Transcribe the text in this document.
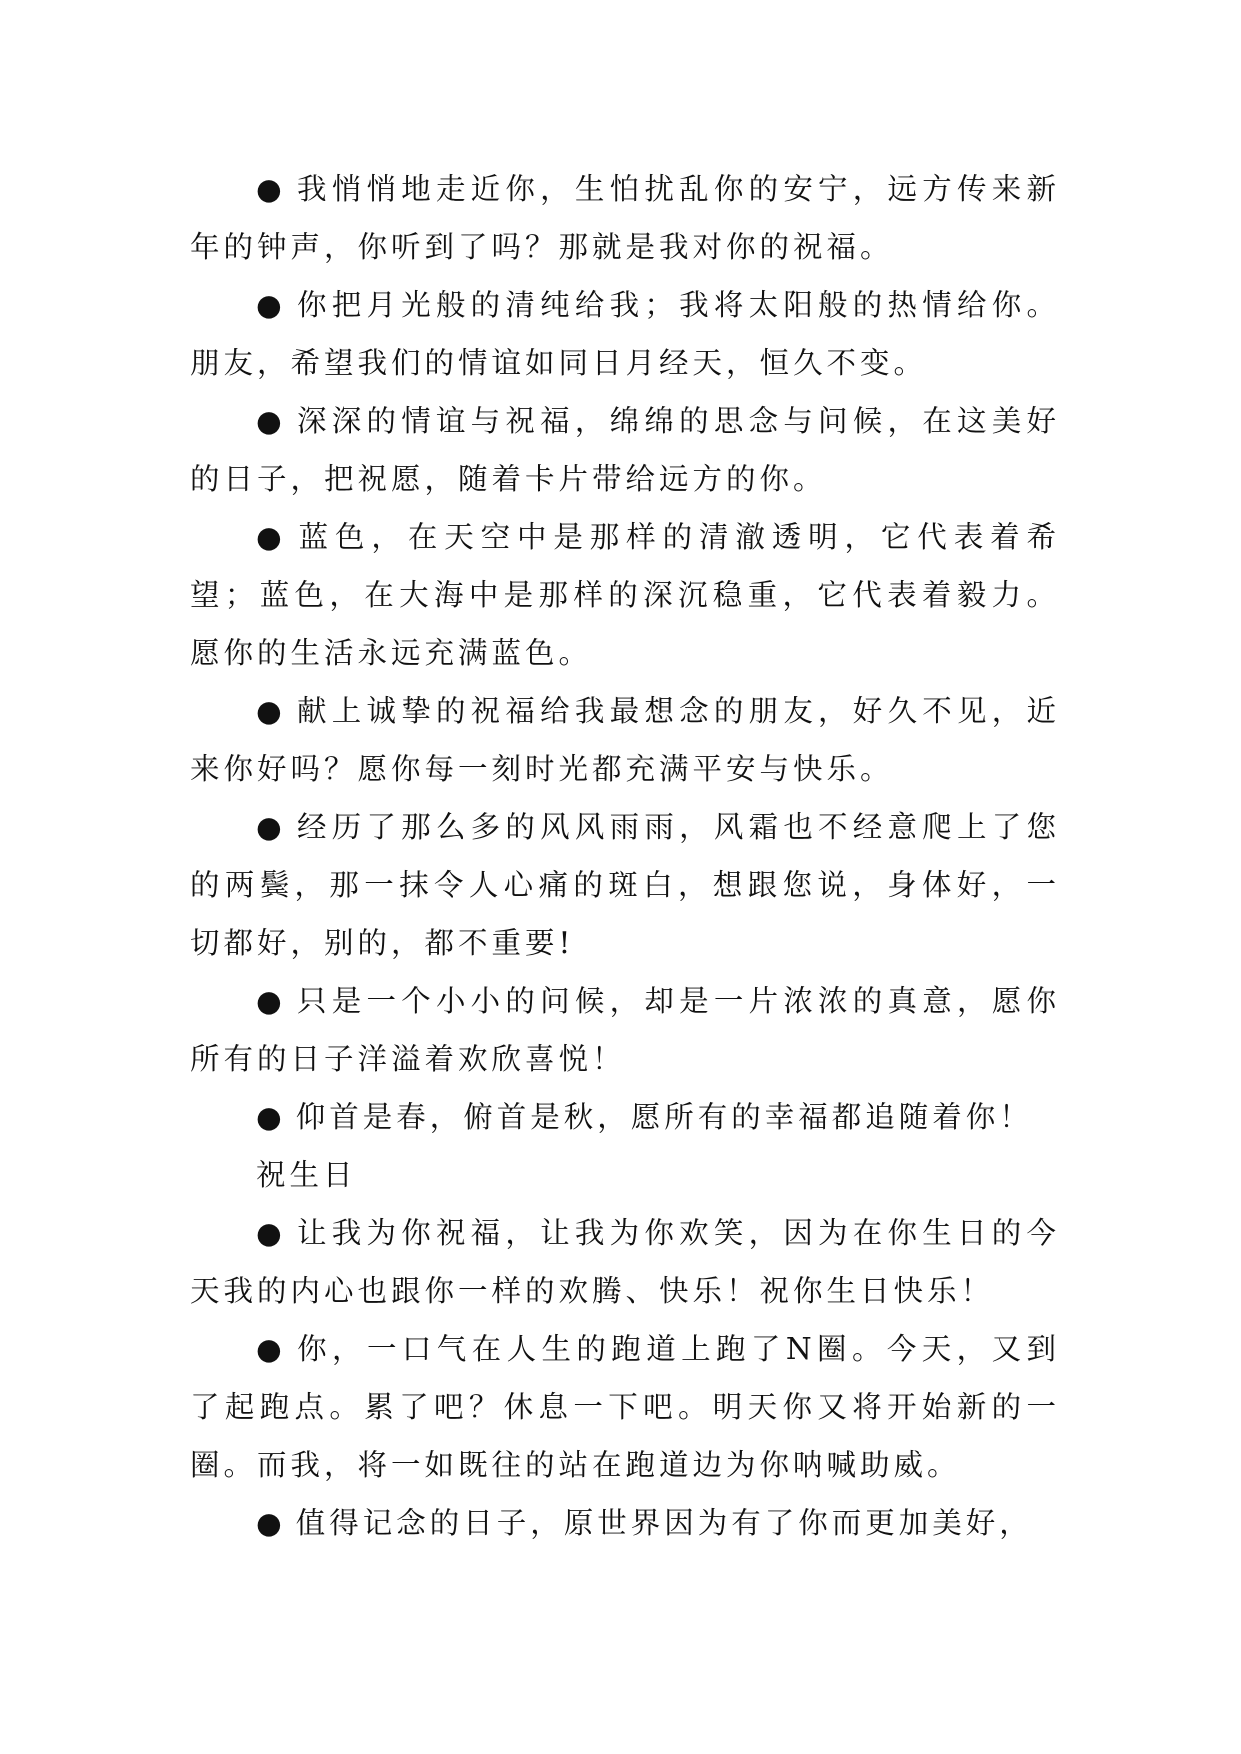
● 我悄悄地走近你，生怕扰乱你的安宁，远方传来新年的钟声，你听到了吗？那就是我对你的祝福。

● 你把月光般的清纯给我；我将太阳般的热情给你。朋友，希望我们的情谊如同日月经天，恒久不变。

● 深深的情谊与祝福，绵绵的思念与问候，在这美好的日子，把祝愿，随着卡片带给远方的你。

● 蓝色，在天空中是那样的清澈透明，它代表着希望；蓝色，在大海中是那样的深沉稳重，它代表着毅力。愿你的生活永远充满蓝色。

● 献上诚挚的祝福给我最想念的朋友，好久不见，近来你好吗？愿你每一刻时光都充满平安与快乐。

● 经历了那么多的风风雨雨，风霜也不经意爬上了您的两鬓，那一抹令人心痛的斑白，想跟您说，身体好，一切都好，别的，都不重要!

● 只是一个小小的问候，却是一片浓浓的真意，愿你所有的日子洋溢着欢欣喜悦！

● 仰首是春，俯首是秋，愿所有的幸福都追随着你！

祝生日

● 让我为你祝福，让我为你欢笑，因为在你生日的今天我的内心也跟你一样的欢腾、快乐！祝你生日快乐！

● 你，一口气在人生的跑道上跑了N圈。今天，又到了起跑点。累了吧？休息一下吧。明天你又将开始新的一圈。而我，将一如既往的站在跑道边为你呐喊助威。

● 值得记念的日子，原世界因为有了你而更加美好，
